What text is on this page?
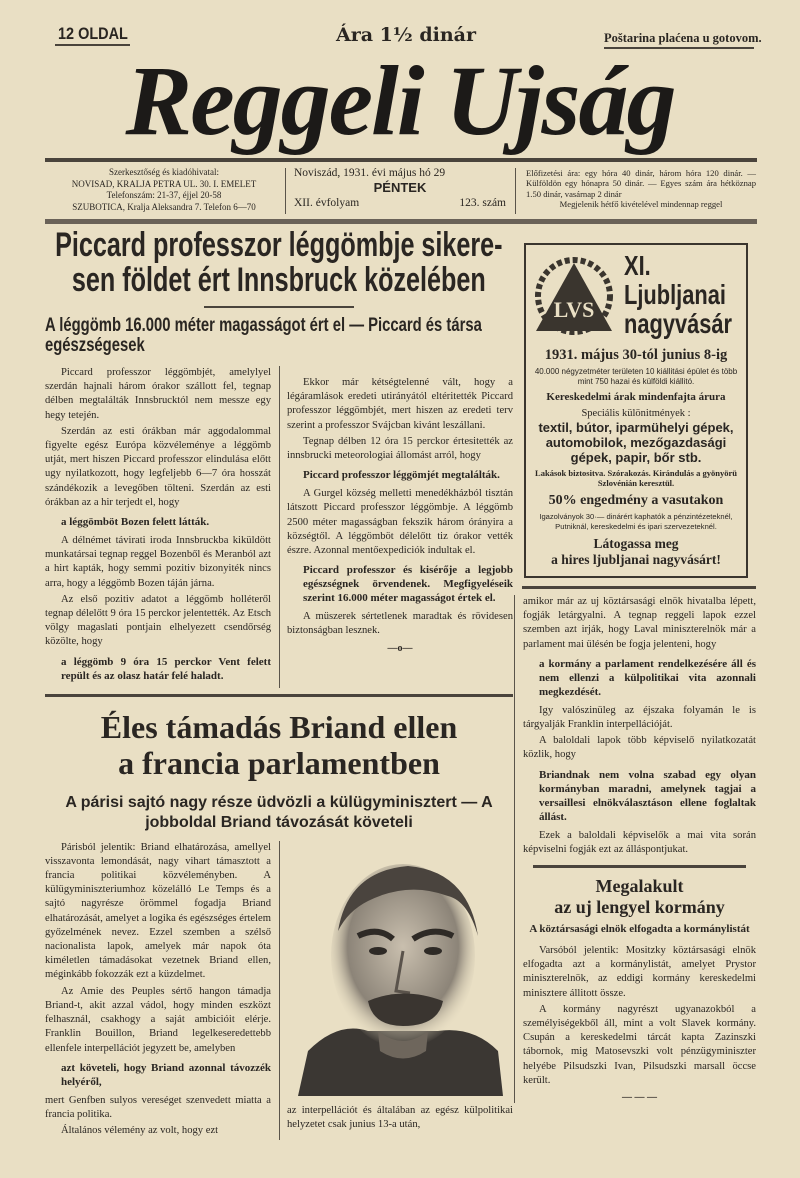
12 OLDAL	Ára 1½ dinár	Poštarina plaćena u gotovom.
Reggeli Ujság
Szerkesztőség és kiadóhivatal:
NOVISAD, KRALJA PETRA UL. 30. I. EMELET
Telefonszám: 21-37, éjjel 20-58
SZUBOTICA, Kralja Aleksandra 7. Telefon 6—70
Noviszád, 1931. évi május hó 29
PÉNTEK
XII. évfolyam	123. szám
Előfizetési ára: egy hóra 40 dinár, három hóra 120 dinár. — Külföldön egy hónapra 50 dinár. — Egyes szám ára hétköznap 1.50 dinár, vasárnap 2 dinár
Megjelenik hétfő kivételével mindennap reggel
Piccard professzor léggömbje sikere-
sen földet ért Innsbruck közelében
A léggömb 16.000 méter magasságot ért el — Piccard és társa egészségesek

Piccard professzor léggömbjét, amelylyel szerdán hajnali három órakor szállott fel, tegnap délben megtalálták Innsbrucktól nem messze egy hegy tetején.

Szerdán az esti órákban már aggodalommal figyelte egész Európa közvéleménye a léggömb utját, mert hiszen Piccard professzor elindulása előtt ugy nyilatkozott, hogy legfeljebb 6—7 óra hosszát szándékozik a levegőben tölteni. Szerdán az esti órákban az a hir terjedt el, hogy

a léggömböt Bozen felett látták.

A délnémet távirati iroda Innsbruckba kiküldött munkatársai tegnap reggel Bozenből és Meranból azt a hirt kapták, hogy semmi pozitiv bizonyiték nincs arra, hogy a léggömb Bozen táján járna.

Az első pozitiv adatot a léggömb holléteről tegnap délelőtt 9 óra 15 perckor jelentették. Az Etsch völgy magaslati pontjain elhelyezett csendőrség közölte, hogy

a léggömb 9 óra 15 perckor Vent felett repült és az olasz határ felé haladt.

Ekkor már kétségtelenné vált, hogy a légáramlások eredeti utirányától eltéritették Piccard professzor léggömbjét, mert hiszen az eredeti terv szerint a professzor Svájcban kivánt leszállani.

Tegnap délben 12 óra 15 perckor értesitették az innsbrucki meteorologiai állomást arról, hogy

Piccard professzor léggömjét megtalálták.

A Gurgel község melletti menedékházból tisztán látszott Piccard professzor léggömbje. A léggömb 2500 méter magasságban fekszik három órányira a községtől. A léggömböt délelőtt tiz órakor vették észre. Azonnal mentőexpediciók indultak el.

Piccard professzor és kisérője a legjobb egészségnek örvendenek. Megfigyeléseik szerint 16.000 méter magasságot értek el.

A müszerek sértetlenek maradtak és rövidesen biztonságban lesznek.

—o—
Éles támadás Briand ellen
a francia parlamentben
A párisi sajtó nagy része üdvözli a külügyminisztert — A jobboldal Briand távozását követeli

Párisból jelentik: Briand elhatározása, amellyel visszavonta lemondását, nagy vihart támasztott a francia politikai közvéleményben. A külügyminiszteriumhoz közelálló Le Temps és a sajtó nagyrésze örömmel fogadja Briand elhatározását, amelyet a logika és egészséges értelem győzelmének nevez. Ezzel szemben a szélső nacionalista lapok, amelyek már napok óta kiméletlen támadásokat vezetnek Briand ellen, méginkább fokozzák ezt a küzdelmet.

Az Amie des Peuples sértő hangon támadja Briand-t, akit azzal vádol, hogy minden eszközt felhasznál, csakhogy a saját ambicióit elérje. Franklin Bouillon, Briand legelkeseredettebb ellenfele interpellációt jegyzett be, amelyben

azt követeli, hogy Briand azonnal távozzék helyéről,

mert Genfben sulyos vereséget szenvedett miatta a francia politika.

Általános vélemény az volt, hogy ezt

az interpellációt és általában az egész külpolitikai helyzetet csak junius 13-a után,

LVS
XI.
Ljubljanai
nagyvásár
1931. május 30-tól junius 8-ig
40.000 négyzetméter területen 10 kiállitási épület és több mint 750 hazai és külföldi kiállitó.
Kereskedelmi árak mindenfajta árura
Speciális különitmények :
textil, bútor, iparmühelyi gépek, automobilok, mezőgazdasági gépek, papir, bőr stb.
Lakások biztositva. Szórakozás. Kirándulás a gyönyörü Szlovénián keresztül.
50% engedmény a vasutakon
Igazolványok 30·— dinárért kaphatók a pénzintézeteknél, Putniknál, kereskedelmi és ipari szervezeteknél.
Látogassa meg
a hires ljubljanai nagyvásárt!

amikor már az uj köztársasági elnök hivatalba lépett, fogják letárgyalni. A tegnap reggeli lapok ezzel szemben azt irják, hogy Laval miniszterelnök már a parlament mai ülésén be fogja jelenteni, hogy

a kormány a parlament rendelkezésére áll és nem ellenzi a külpolitikai vita azonnali megkezdését.

Igy valószinüleg az éjszaka folyamán le is tárgyalják Franklin interpellációját.

A baloldali lapok több képviselő nyilatkozatát közlik, hogy

Briandnak nem volna szabad egy olyan kormányban maradni, amelynek tagjai a versaillesi elnökválasztáson ellene foglaltak állást.

Ezek a baloldali képviselők a mai vita során képviselni fogják ezt az álláspontjukat.

Megalakult
az uj lengyel kormány
A köztársasági elnök elfogadta a kormánylistát

Varsóból jelentik: Mositzky köztársasági elnök elfogadta azt a kormánylistát, amelyet Prystor miniszterelnök, az eddigi kormány kereskedelmi minisztere állitott össze.

A kormány nagyrészt ugyanazokból a személyiségekből áll, mint a volt Slavek kormány. Csupán a kereskedelmi tárcát kapta Zazinszki tábornok, mig Matosevszki volt pénzügyminiszter helyébe Pilsudszki Ivan, Pilsudszki marsall öccse került.

— — —
